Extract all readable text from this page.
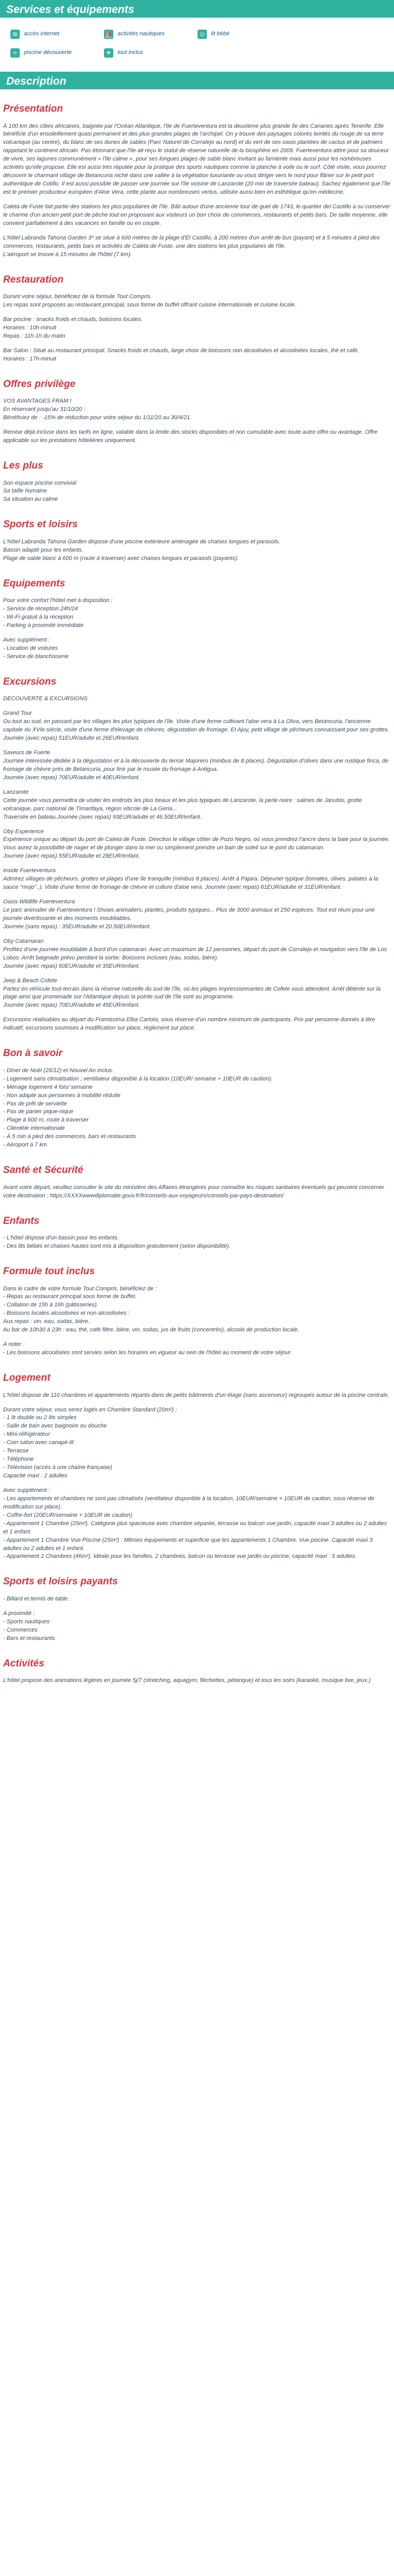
Services et équipements
≋	accès internet	⛵ activités nautiques	☺ lit bébé
≈	piscine découverte	✦	tout inclus
Description
Présentation

À 100 km des côtes africaines, baignée par l'Océan Atlantique, l'île de Fuerteventura est la deuxième plus grande île des Canaries après Tenerife. Elle bénéficie d'un ensoleillement quasi permanent et des plus grandes plages de l'archipel. On y trouve des paysages colorés teintés du rouge de sa terre volcanique (au centre), du blanc de ses dunes de sables (Parc Naturel de Corralejo au nord) et du vert de ses oasis plantées de cactus et de palmiers rappelant le continent africain. Pas étonnant que l'île ait reçu le statut de réserve naturelle de la biosphère en 2009. Fuerteventura attire pour sa douceur de vivre, ses lagunes communément « l'île calme », pour ses longues plages de sable blanc invitant au farniente mais aussi pour les nombreuses activités qu'elle propose. Elle est aussi très réputée pour la pratique des sports nautiques comme la planche à voile ou le surf. Côté visite, vous pourrez découvrir le charmant village de Betancuria niché dans une vallée à la végétation luxuriante ou vous diriger vers le nord pour flâner sur le petit port authentique de Cotillo. Il est aussi possible de passer une journée sur l'île voisine de Lanzarote (20 min de traversée bateau). Sachez également que l'île est le premier producteur européen d'Aloe Vera, cette plante aux nombreuses vertus, utilisée aussi bien en esthétique qu'en médecine.

Caleta de Fuste fait partie des stations les plus populaires de l'île. Bâti autour d'une ancienne tour de guet de 1743, le quartier del Castillo a su conserver le charme d'un ancien petit port de pêche tout en proposant aux visiteurs un bon choix de commerces, restaurants et petits bars. De taille moyenne, elle convient parfaitement à des vacances en famille ou en couple.

L'hôtel Labranda Tahona Garden 3* se situe à 600 mètres de la plage d'El Castillo, à 200 mètres d'un arrêt de bus (payant) et à 5 minutes à pied des commerces, restaurants, petits bars et activités de Caleta de Fuste, une des stations les plus populaires de l'île.
L'aéroport se trouve à 15 minutes de l'hôtel (7 km).

Restauration

Durant votre séjour, bénéficiez de la formule Tout Compris.
Les repas sont proposés au restaurant principal, sous forme de buffet offrant cuisine internationale et cuisine locale.

Bar piscine : snacks froids et chauds, boissons locales.
Horaires : 10h-minuit
Repas : 11h-1h du matin

Bar Salon : Situé au restaurant principal. Snacks froids et chauds, large choix de boissons non alcoolisées et alcoolisées locales, thé et café.
Horaires : 17h-minuit

Offres privilège

VOS AVANTAGES FRAM !
En réservant jusqu'au 31/10/20 :
Bénéficiez de : -15% de réduction pour votre séjour du 1/11/20 au 30/4/21.

Remise déjà incluse dans les tarifs en ligne, valable dans la limite des stocks disponibles et non cumulable avec toute autre offre ou avantage. Offre applicable sur les prestations hôtelières uniquement.

Les plus

Son espace piscine convivial
Sa taille humaine
Sa situation au calme

Sports et loisirs

L'hôtel Labranda Tahona Garden dispose d'une piscine extérieure aménagée de chaises longues et parasols.
Bassin adapté pour les enfants.
Plage de sable blanc à 600 m (route à traverser) avec chaises longues et parasols (payants).

Equipements

Pour votre confort l'hôtel met à disposition :
- Service de réception 24h/24
- Wi-Fi gratuit à la réception
- Parking à proximité immédiate

Avec supplément :
- Location de voitures
- Service de blanchisserie

Excursions

DECOUVERTE & EXCURSIONS

Grand Tour
Ou tout au sud, en passant par les villages les plus typiques de l'île. Visite d'une ferme cultivant l'aloe vera à La Oliva, vers Betancuria, l'ancienne capitale du XVIe siècle, visite d'une ferme d'élevage de chèvres, dégustation de fromage. Et Ajuy, petit village de pêcheurs connaissant pour ses grottes.
Journée (avec repas) 51EUR/adulte et 26EUR/enfant.

Saveurs de Fuerte
Journée intéressée dédiée à la dégustation et à la découverte du terroir Majorero (minibus de 8 places). Dégustation d'olives dans une rustique finca, de fromage de chèvre près de Betancuria, pour finir par le musée du fromage à Antigua.
Journée (avec repas) 70EUR/adulte et 40EUR/enfant.

Lanzarote
Cette journée vous permettra de visiter les endroits les plus beaux et les plus typiques de Lanzarote, la perle noire : salines de Janubio, grotte volcanique, parc national de Timanfaya, région viticole de La Geria...
Traversée en bateau.Journée (avec repas) 93EUR/adulte et 46.50EUR/enfant.

Oby Experience
Expérience unique au départ du port de Caleta de Fuste. Direction le village côtier de Pozo Negro, où vous prendrez l'ancre dans la baie pour la journée. Vous aurez la possibilité de nager et de plonger dans la mer ou simplement prendre un bain de soleil sur le pont du catamaran.
Journée (avec repas) 55EUR/adulte et 28EUR/enfant.

Inside Fuerteventura
Admirez villages de pêcheurs, grottes et plages d'une île tranquille (minibus 8 places). Arrêt à Pajara. Déjeuner typique (tomates, olives, patates à la sauce "mojo"..). Visite d'une ferme de fromage de chèvre et culture d'aloe vera. Journée (avec repas) 61EUR/adulte et 31EUR/enfant.

Oasis Wildlife Fuerteventura
Le parc animalier de Fuerteventura ! Shows animaliers, plantes, produits typiques... Plus de 3000 animaux et 250 espèces. Tout est réuni pour une journée divertissante et des moments inoubliables.
Journée (sans repas) : 35EUR/adulte et 20.50EUR/enfant.

Oby Catamaran
Profitez d'une journée inoubliable à bord d'un catamaran. Avec un maximum de 12 personnes, départ du port de Corralejo et navigation vers l'île de Los Lobos. Arrêt baignade prévu pendant la sortie. Boissons incluses (eau, sodas, bière).
Journée (avec repas) 60EUR/adulte et 35EUR/enfant.

Jeep & Beach Cofete
Partez en véhicule tout-terrain dans la réserve naturelle du sud de l'île, où les plages impressionnantes de Cofete vous attendent. Arrêt détente sur la plage ainsi que promenade sur l'Atlantique depuis la pointe sud de l'île sont au programme.
Journée (avec repas) 70EUR/adulte et 45EUR/enfant.

Excursions réalisables au départ du Framissima Elba Carlota, sous réserve d'un nombre minimum de participants. Prix par personne donnés à titre indicatif, excursions soumises à modification sur place, règlement sur place.

Bon à savoir

- Dîner de Noël (25/12) et Nouvel An inclus.
- Logement sans climatisation ; ventilateur disponible à la location (10EUR/ semaine + 10EUR de caution).
- Ménage logement 4 fois/ semaine
- Non adapté aux personnes à mobilité réduite
- Pas de prêt de serviette
- Pas de panier pique-nique
- Plage à 600 m, route à traverser
- Clientèle internationale
- À 5 min à pied des commerces, bars et restaurants
- Aéroport à 7 km

Santé et Sécurité

Avant votre départ, veuillez consulter le site du ministère des Affaires étrangères pour connaître les risques sanitaires éventuels qui peuvent concerner votre destination : https://XXXXwwwdiplomatie.gouv.fr/fr/conseils-aux-voyageurs/conseils-par-pays-destination/

Enfants

- L'hôtel dispose d'un bassin pour les enfants.
- Des lits bébés et chaises hautes sont mis à disposition gratuitement (selon disponibilité).

Formule tout inclus

Dans le cadre de votre formule Tout Compris, bénéficiez de :
- Repas au restaurant principal sous forme de buffet.
- Collation de 15h à 16h (pâtisseries).
- Boissons locales alcoolisées et non alcoolisées :
Aux repas : vin, eau, sodas, bière.
Au bar de 10h30 à 23h : eau, thé, café filtre, bière, vin, sodas, jus de fruits (concentrés), alcools de production locale.

A noter :
- Les boissons alcoolisées sont servies selon les horaires en vigueur au sein de l'hôtel au moment de votre séjour.

Logement

L'hôtel dispose de 110 chambres et appartements répartis dans de petits bâtiments d'un étage (sans ascenseur) regroupés autour de la piscine centrale.

Durant votre séjour, vous serez logés en Chambre Standard (20m²) :
- 1 lit double ou 2 lits simples
- Salle de bain avec baignoire ou douche
- Mini-réfrigérateur
- Coin salon avec canapé-lit
- Terrasse
- Téléphone
- Télévision (accès à une chaîne française)
Capacité maxi : 2 adultes

Avec supplément :
- Les appartements et chambres ne sont pas climatisés (ventilateur disponible à la location, 10EUR/semaine + 10EUR de caution, sous réserve de modification sur place).
- Coffre-fort (20EUR/semaine + 10EUR de caution)
- Appartement 1 Chambre (25m²). Catégorie plus spacieuse avec chambre séparée, terrasse ou balcon vue jardin, capacité maxi 3 adultes ou 2 adultes et 1 enfant.
- Appartement 1 Chambre Vue Piscine (25m²) : Mêmes équipements et superficie que les appartements 1 Chambre. Vue piscine. Capacité maxi 3 adultes ou 2 adultes et 1 enfant.
- Appartement 2 Chambres (46m²). Idéale pour les familles. 2 chambres, balcon ou terrasse vue jardin ou piscine, capacité maxi : 5 adultes.

Sports et loisirs payants

- Billard et tennis de table.

A proximité :
- Sports nautiques
- Commerces
- Bars et restaurants

Activités

L'hôtel propose des animations légères en journée 5j/7 (stretching, aquagym, fléchettes, pétanque) et tous les soirs (karaoké, musique live, jeux.)
